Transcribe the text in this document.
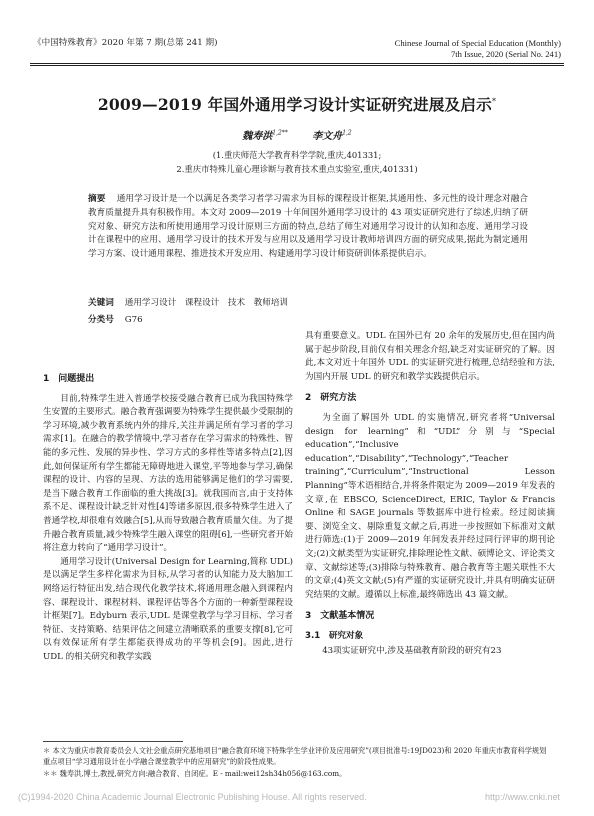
《中国特殊教育》2020 年第 7 期(总第 241 期)	Chinese Journal of Special Education (Monthly)
7th Issue, 2020 (Serial No. 241)
2009—2019 年国外通用学习设计实证研究进展及启示*
魏寿洪$^{1,2**}$ 李文舟$^{1,2}$
(1.重庆师范大学教育科学学院,重庆,401331;
2.重庆市特殊儿童心理诊断与教育技术重点实验室,重庆,401331)
摘要 通用学习设计是一个以满足各类学习者学习需求为目标的课程设计框架,其通用性、多元性的设计理念对融合教育质量提升具有积极作用。本文对 2009—2019 十年间国外通用学习设计的 43 项实证研究进行了综述,归纳了研究对象、研究方法和所使用通用学习设计原则三方面的特点,总结了师生对通用学习设计的认知和态度、通用学习设计在课程中的应用、通用学习设计的技术开发与应用以及通用学习设计教师培训四方面的研究成果,据此为制定通用学习方案、设计通用课程、推进技术开发应用、构建通用学习设计师资研训体系提供启示。
关键词 通用学习设计　课程设计　技术　教师培训
分类号 G76
1　问题提出

目前,特殊学生进入普通学校接受融合教育已成为我国特殊学生安置的主要形式。融合教育强调要为特殊学生提供最少受限制的学习环境,减少教育系统内外的排斥,关注并满足所有学习者的学习需求[1]。在融合的教学情境中,学习者存在学习需求的特殊性、智能的多元性、发展的异步性、学习方式的多样性等诸多特点[2],因此,如何保证所有学生都能无障碍地进入课堂,平等地参与学习,确保课程的设计、内容的呈现、方法的选用能够满足他们的学习需要,是当下融合教育工作面临的重大挑战[3]。就我国而言,由于支持体系不足、课程设计缺乏针对性[4]等诸多原因,很多特殊学生进入了普通学校,却很难有效融合[5],从而导致融合教育质量欠佳。为了提升融合教育质量,减少特殊学生融入课堂的阻碍[6],一些研究者开始将注意力转向了“通用学习设计”。

通用学习设计(Universal Design for Learning,简称 UDL)是以满足学生多样化需求为目标,从学习者的认知能力及大脑加工网络运行特征出发,结合现代化教学技术,将通用理念融入到课程内容、课程设计、课程材料、课程评估等各个方面的一种新型课程设计框架[7]。Edyburn 表示,UDL 是课堂教学与学习目标、学习者特征、支持策略、结果评估之间建立清晰联系的重要支撑[8],它可以有效保证所有学生都能获得成功的平等机会[9]。因此,进行 UDL 的相关研究和教学实践

具有重要意义。UDL 在国外已有 20 余年的发展历史,但在国内尚属于起步阶段,目前仅有相关理念介绍,缺乏对实证研究的了解。因此,本文对近十年国外 UDL 的实证研究进行梳理,总结经验和方法,为国内开展 UDL 的研究和教学实践提供启示。

2　研究方法

为全面了解国外 UDL 的实施情况,研究者将“Universal design for learning”和“UDL”分别与“Special education”,“Inclusive education”,“Disability”,“Technology”,“Teacher training”,“Curriculum”,“Instructional Lesson Planning”等术语相结合,并将条件限定为 2009—2019 年发表的文章,在 EBSCO, ScienceDirect, ERIC, Taylor & Francis Online 和 SAGE journals 等数据库中进行检索。经过阅读摘要、浏览全文、剔除重复文献之后,再进一步按照如下标准对文献进行筛选:(1)于 2009—2019 年间发表并经过同行评审的期刊论文;(2)文献类型为实证研究,排除理论性文献、硕博论文、评论类文章、文献综述等;(3)排除与特殊教育、融合教育等主题关联性不大的文章;(4)英文文献;(5)有严谨的实证研究设计,并具有明确实证研究结果的文献。遵循以上标准,最终筛选出 43 篇文献。

3　文献基本情况
3.1　研究对象

43项实证研究中,涉及基础教育阶段的研究有23

＊ 本文为重庆市教育委员会人文社会重点研究基地项目“融合教育环境下特殊学生学业评价及应用研究”(项目批准号:19JD023)和 2020 年重庆市教育科学规划重点项目“学习通用设计在小学融合课堂教学中的应用研究”的阶段性成果。
＊＊ 魏寿洪,博士,教授,研究方向:融合教育、自闭症。E - mail:wei12sh34h056@163.com。
(C)1994-2020 China Academic Journal Electronic Publishing House. All rights reserved.	http://www.cnki.net
